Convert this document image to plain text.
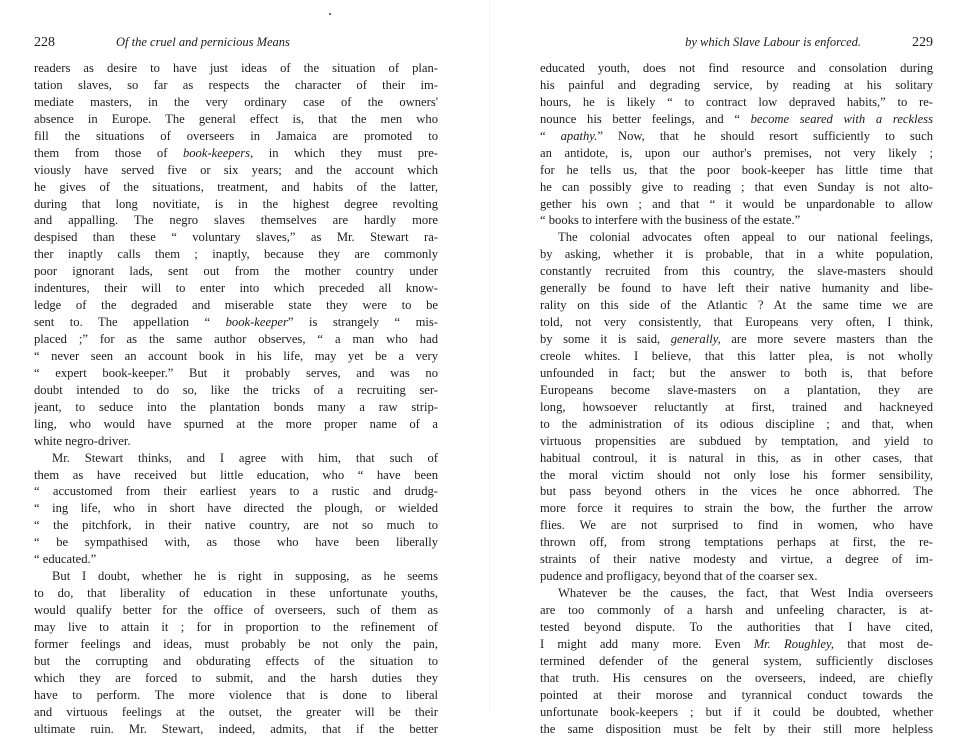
228	Of the cruel and pernicious Means
readers as desire to have just ideas of the situation of plan-
tation slaves, so far as respects the character of their im-
mediate masters, in the very ordinary case of the owners'
absence in Europe. The general effect is, that the men who
fill the situations of overseers in Jamaica are promoted to
them from those of book-keepers, in which they must pre-
viously have served five or six years; and the account which
he gives of the situations, treatment, and habits of the latter,
during that long novitiate, is in the highest degree revolting
and appalling. The negro slaves themselves are hardly more
despised than these “ voluntary slaves,” as Mr. Stewart ra-
ther inaptly calls them ; inaptly, because they are commonly
poor ignorant lads, sent out from the mother country under
indentures, their will to enter into which preceded all know-
ledge of the degraded and miserable state they were to be
sent to. The appellation “ book-keeper” is strangely “ mis-
placed ;” for as the same author observes, “ a man who had
“ never seen an account book in his life, may yet be a very
“ expert book-keeper.” But it probably serves, and was no
doubt intended to do so, like the tricks of a recruiting ser-
jeant, to seduce into the plantation bonds many a raw strip-
ling, who would have spurned at the more proper name of a
white negro-driver.
Mr. Stewart thinks, and I agree with him, that such of
them as have received but little education, who “ have been
“ accustomed from their earliest years to a rustic and drudg-
“ ing life, who in short have directed the plough, or wielded
“ the pitchfork, in their native country, are not so much to
“ be sympathised with, as those who have been liberally
“ educated.”
But I doubt, whether he is right in supposing, as he seems
to do, that liberality of education in these unfortunate youths,
would qualify better for the office of overseers, such of them as
may live to attain it ; for in proportion to the refinement of
former feelings and ideas, must probably be not only the pain,
but the corrupting and obdurating effects of the situation to
which they are forced to submit, and the harsh duties they
have to perform. The more violence that is done to liberal
and virtuous feelings at the outset, the greater will be their
ultimate ruin. Mr. Stewart, indeed, admits, that if the better
by which Slave Labour is enforced.	229
educated youth, does not find resource and consolation during
his painful and degrading service, by reading at his solitary
hours, he is likely “ to contract low depraved habits,” to re-
nounce his better feelings, and “ become seared with a reckless
“ apathy.” Now, that he should resort sufficiently to such
an antidote, is, upon our author's premises, not very likely ;
for he tells us, that the poor book-keeper has little time that
he can possibly give to reading ; that even Sunday is not alto-
gether his own ; and that “ it would be unpardonable to allow
“ books to interfere with the business of the estate.”
The colonial advocates often appeal to our national feelings,
by asking, whether it is probable, that in a white population,
constantly recruited from this country, the slave-masters should
generally be found to have left their native humanity and libe-
rality on this side of the Atlantic ? At the same time we are
told, not very consistently, that Europeans very often, I think,
by some it is said, generally, are more severe masters than the
creole whites. I believe, that this latter plea, is not wholly
unfounded in fact; but the answer to both is, that before
Europeans become slave-masters on a plantation, they are
long, howsoever reluctantly at first, trained and hackneyed
to the administration of its odious discipline ; and that, when
virtuous propensities are subdued by temptation, and yield to
habitual controul, it is natural in this, as in other cases, that
the moral victim should not only lose his former sensibility,
but pass beyond others in the vices he once abhorred. The
more force it requires to strain the bow, the further the arrow
flies. We are not surprised to find in women, who have
thrown off, from strong temptations perhaps at first, the re-
straints of their native modesty and virtue, a degree of im-
pudence and profligacy, beyond that of the coarser sex.
Whatever be the causes, the fact, that West India overseers
are too commonly of a harsh and unfeeling character, is at-
tested beyond dispute. To the authorities that I have cited,
I might add many more. Even Mr. Roughley, that most de-
termined defender of the general system, sufficiently discloses
that truth. His censures on the overseers, indeed, are chiefly
pointed at their morose and tyrannical conduct towards the
unfortunate book-keepers ; but if it could be doubted, whether
the same disposition must be felt by their still more helpless
